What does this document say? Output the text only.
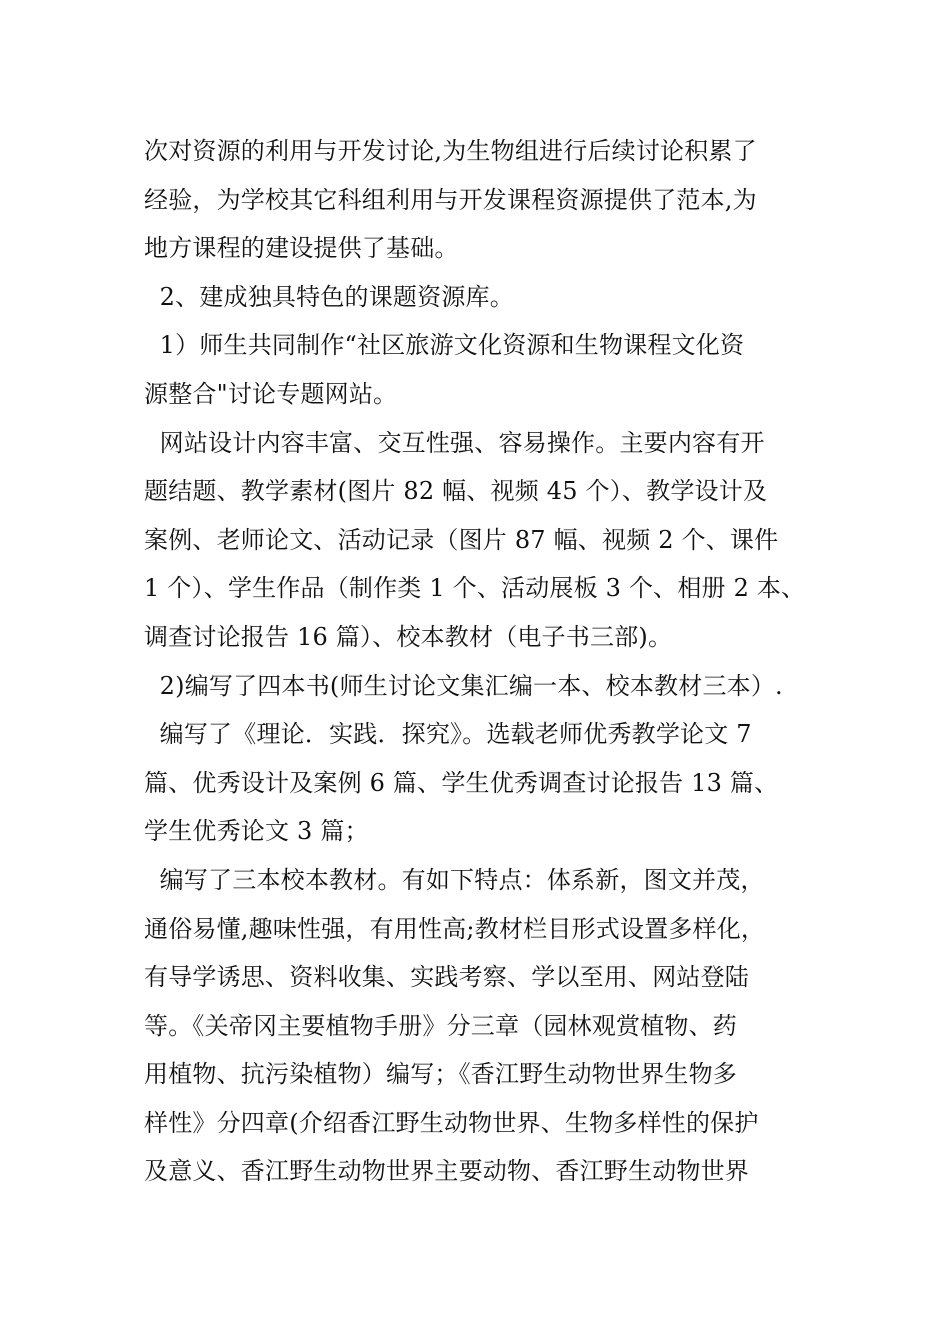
次对资源的利用与开发讨论,为生物组进行后续讨论积累了
经验，为学校其它科组利用与开发课程资源提供了范本,为
地方课程的建设提供了基础。
2、建成独具特色的课题资源库。
1）师生共同制作“社区旅游文化资源和生物课程文化资
源整合"讨论专题网站。
网站设计内容丰富、交互性强、容易操作。主要内容有开
题结题、教学素材(图片 82 幅、视频 45 个）、教学设计及
案例、老师论文、活动记录（图片 87 幅、视频 2 个、课件
1 个）、学生作品（制作类 1 个、活动展板 3 个、相册 2 本、
调查讨论报告 16 篇）、校本教材（电子书三部)。
2)编写了四本书(师生讨论文集汇编一本、校本教材三本）.
编写了《理论．实践．探究》。选载老师优秀教学论文 7
篇、优秀设计及案例 6 篇、学生优秀调查讨论报告 13 篇、
学生优秀论文 3 篇；
编写了三本校本教材。有如下特点：体系新，图文并茂，
通俗易懂,趣味性强，有用性高;教材栏目形式设置多样化，
有导学诱思、资料收集、实践考察、学以至用、网站登陆
等。《关帝冈主要植物手册》分三章（园林观赏植物、药
用植物、抗污染植物）编写；《香江野生动物世界生物多
样性》分四章(介绍香江野生动物世界、生物多样性的保护
及意义、香江野生动物世界主要动物、香江野生动物世界
